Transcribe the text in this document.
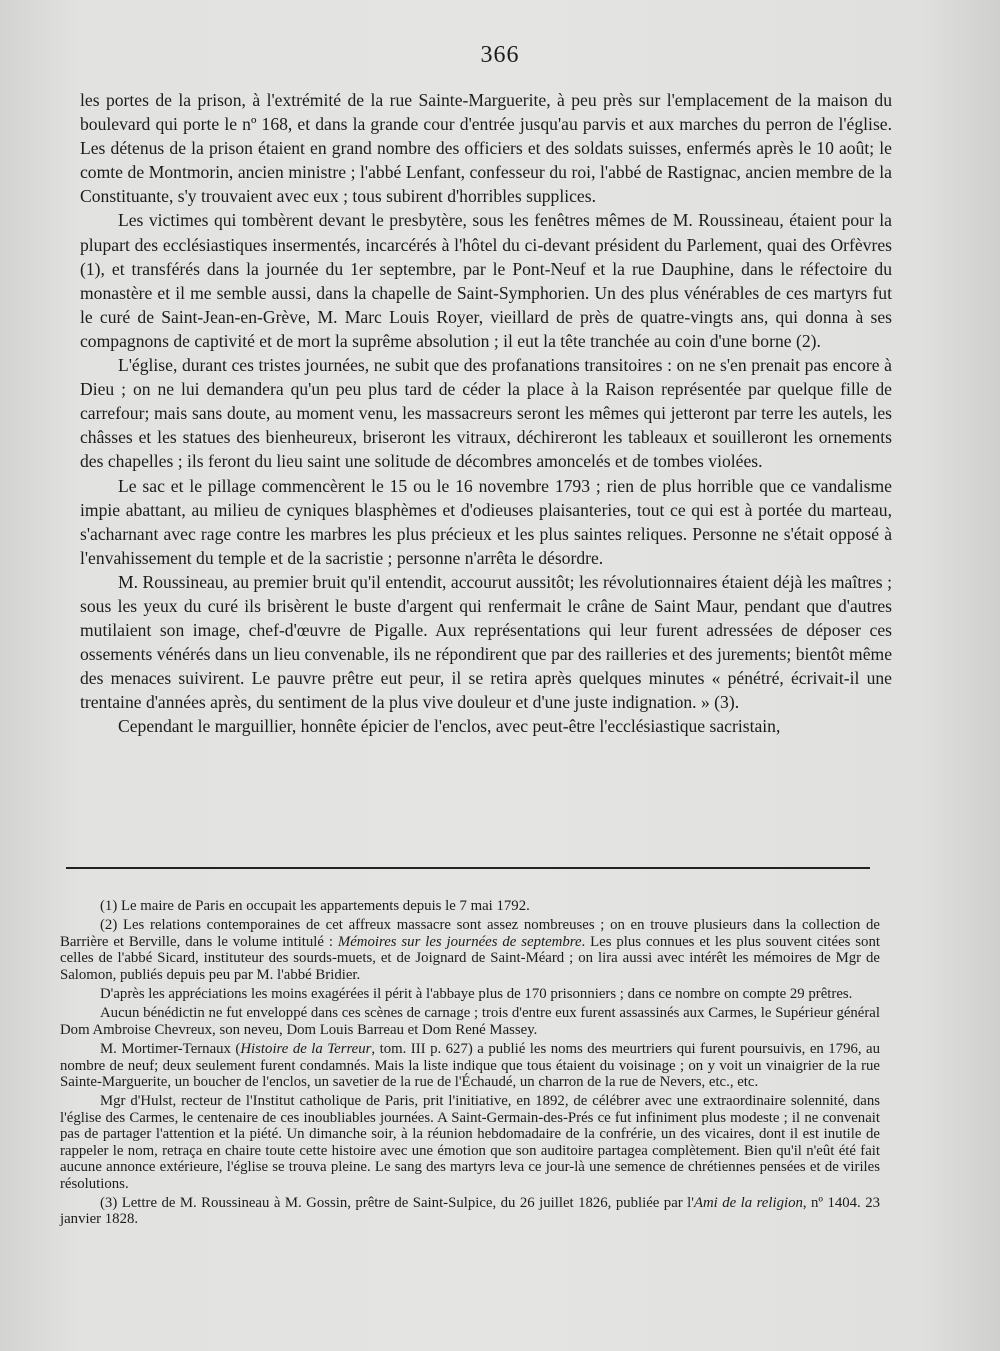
366

les portes de la prison, à l'extrémité de la rue Sainte-Marguerite, à peu près sur l'emplacement de la maison du boulevard qui porte le nº 168, et dans la grande cour d'entrée jusqu'au parvis et aux marches du perron de l'église. Les détenus de la prison étaient en grand nombre des officiers et des soldats suisses, enfermés après le 10 août; le comte de Montmorin, ancien ministre ; l'abbé Lenfant, confesseur du roi, l'abbé de Rastignac, ancien membre de la Constituante, s'y trouvaient avec eux ; tous subirent d'horribles supplices.

Les victimes qui tombèrent devant le presbytère, sous les fenêtres mêmes de M. Roussineau, étaient pour la plupart des ecclésiastiques insermentés, incarcérés à l'hôtel du ci-devant président du Parlement, quai des Orfèvres (1), et transférés dans la journée du 1er septembre, par le Pont-Neuf et la rue Dauphine, dans le réfectoire du monastère et il me semble aussi, dans la chapelle de Saint-Symphorien. Un des plus vénérables de ces martyrs fut le curé de Saint-Jean-en-Grève, M. Marc Louis Royer, vieillard de près de quatre-vingts ans, qui donna à ses compagnons de captivité et de mort la suprême absolution ; il eut la tête tranchée au coin d'une borne (2).

L'église, durant ces tristes journées, ne subit que des profanations transitoires : on ne s'en prenait pas encore à Dieu ; on ne lui demandera qu'un peu plus tard de céder la place à la Raison représentée par quelque fille de carrefour; mais sans doute, au moment venu, les massacreurs seront les mêmes qui jetteront par terre les autels, les châsses et les statues des bienheureux, briseront les vitraux, déchireront les tableaux et souilleront les ornements des chapelles ; ils feront du lieu saint une solitude de décombres amoncelés et de tombes violées.

Le sac et le pillage commencèrent le 15 ou le 16 novembre 1793 ; rien de plus horrible que ce vandalisme impie abattant, au milieu de cyniques blasphèmes et d'odieuses plaisanteries, tout ce qui est à portée du marteau, s'acharnant avec rage contre les marbres les plus précieux et les plus saintes reliques. Personne ne s'était opposé à l'envahissement du temple et de la sacristie ; personne n'arrêta le désordre.

M. Roussineau, au premier bruit qu'il entendit, accourut aussitôt; les révolutionnaires étaient déjà les maîtres ; sous les yeux du curé ils brisèrent le buste d'argent qui renfermait le crâne de Saint Maur, pendant que d'autres mutilaient son image, chef-d'œuvre de Pigalle. Aux représentations qui leur furent adressées de déposer ces ossements vénérés dans un lieu convenable, ils ne répondirent que par des railleries et des jurements; bientôt même des menaces suivirent. Le pauvre prêtre eut peur, il se retira après quelques minutes « pénétré, écrivait-il une trentaine d'années après, du sentiment de la plus vive douleur et d'une juste indignation. » (3).

Cependant le marguillier, honnête épicier de l'enclos, avec peut-être l'ecclésiastique sacristain,

(1) Le maire de Paris en occupait les appartements depuis le 7 mai 1792.

(2) Les relations contemporaines de cet affreux massacre sont assez nombreuses ; on en trouve plusieurs dans la collection de Barrière et Berville, dans le volume intitulé : Mémoires sur les journées de septembre. Les plus connues et les plus souvent citées sont celles de l'abbé Sicard, instituteur des sourds-muets, et de Joignard de Saint-Méard ; on lira aussi avec intérêt les mémoires de Mgr de Salomon, publiés depuis peu par M. l'abbé Bridier.

D'après les appréciations les moins exagérées il périt à l'abbaye plus de 170 prisonniers ; dans ce nombre on compte 29 prêtres.

Aucun bénédictin ne fut enveloppé dans ces scènes de carnage ; trois d'entre eux furent assassinés aux Carmes, le Supérieur général Dom Ambroise Chevreux, son neveu, Dom Louis Barreau et Dom René Massey.

M. Mortimer-Ternaux (Histoire de la Terreur, tom. III p. 627) a publié les noms des meurtriers qui furent poursuivis, en 1796, au nombre de neuf; deux seulement furent condamnés. Mais la liste indique que tous étaient du voisinage ; on y voit un vinaigrier de la rue Sainte-Marguerite, un boucher de l'enclos, un savetier de la rue de l'Échaudé, un charron de la rue de Nevers, etc., etc.

Mgr d'Hulst, recteur de l'Institut catholique de Paris, prit l'initiative, en 1892, de célébrer avec une extraordinaire solennité, dans l'église des Carmes, le centenaire de ces inoubliables journées. A Saint-Germain-des-Prés ce fut infiniment plus modeste ; il ne convenait pas de partager l'attention et la piété. Un dimanche soir, à la réunion hebdomadaire de la confrérie, un des vicaires, dont il est inutile de rappeler le nom, retraça en chaire toute cette histoire avec une émotion que son auditoire partagea complètement. Bien qu'il n'eût été fait aucune annonce extérieure, l'église se trouva pleine. Le sang des martyrs leva ce jour-là une semence de chrétiennes pensées et de viriles résolutions.

(3) Lettre de M. Roussineau à M. Gossin, prêtre de Saint-Sulpice, du 26 juillet 1826, publiée par l'Ami de la religion, nº 1404. 23 janvier 1828.
